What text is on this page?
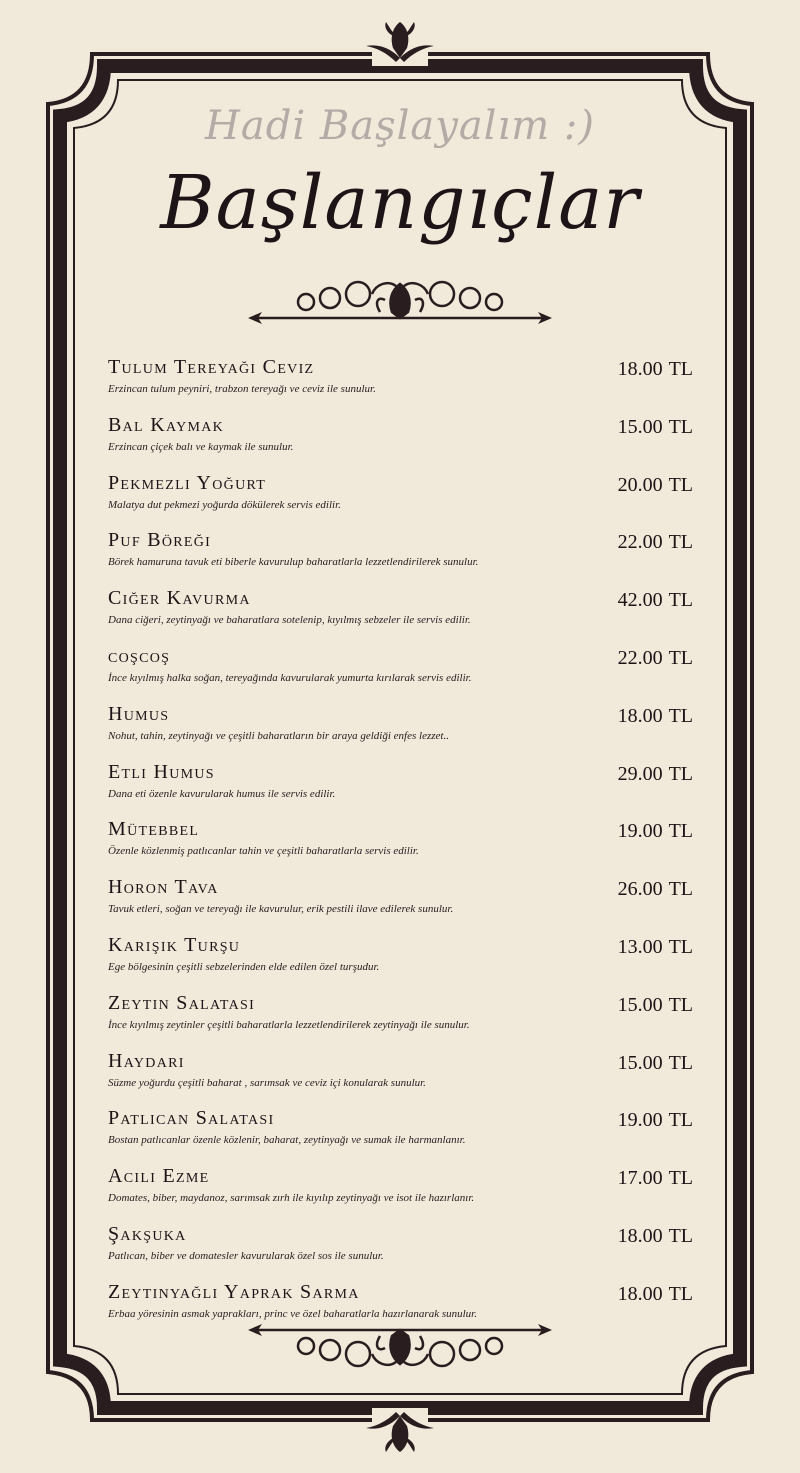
Hadi Başlayalım :)
Başlangıçlar
Tulum Tereyağı Ceviz
Erzincan tulum peyniri, trabzon tereyağı ve ceviz ile sunulur.
18.00 TL
Bal Kaymak
Erzincan çiçek balı ve kaymak ile sunulur.
15.00 TL
Pekmezli Yoğurt
Malatya dut pekmezi yoğurda dökülerek servis edilir.
20.00 TL
Puf Böreği
Börek hamuruna tavuk eti biberle kavurulup baharatlarla lezzetlendirilerek sunulur.
22.00 TL
Ciğer Kavurma
Dana ciğeri, zeytinyağı ve baharatlara sotelenip, kıyılmış sebzeler ile servis edilir.
42.00 TL
coşcoş
İnce kıyılmış halka soğan, tereyağında kavurularak yumurta kırılarak servis edilir.
22.00 TL
Humus
Nohut, tahin, zeytinyağı ve çeşitli baharatların bir araya geldiği enfes lezzet..
18.00 TL
Etli Humus
Dana eti özenle kavurularak humus ile servis edilir.
29.00 TL
Mütebbel
Özenle közlenmiş patlıcanlar tahin ve çeşitli baharatlarla servis edilir.
19.00 TL
Horon Tava
Tavuk etleri, soğan ve tereyağı ile kavurulur, erik pestili ilave edilerek sunulur.
26.00 TL
Karışık Turşu
Ege bölgesinin çeşitli sebzelerinden elde edilen özel turşudur.
13.00 TL
Zeytin Salatası
İnce kıyılmış zeytinler çeşitli baharatlarla lezzetlendirilerek zeytinyağı ile sunulur.
15.00 TL
Haydari
Süzme yoğurdu çeşitli baharat , sarımsak ve ceviz içi konularak sunulur.
15.00 TL
Patlıcan Salatası
Bostan patlıcanlar özenle közlenir, baharat, zeytinyağı ve sumak ile harmanlanır.
19.00 TL
Acılı Ezme
Domates, biber, maydanoz, sarımsak zırh ile kıyılıp zeytinyağı ve isot ile hazırlanır.
17.00 TL
Şakşuka
Patlıcan, biber ve domatesler kavurularak özel sos ile sunulur.
18.00 TL
Zeytinyağlı Yaprak Sarma
Erbaa yöresinin asmak yaprakları, princ ve özel baharatlarla hazırlanarak sunulur.
18.00 TL
